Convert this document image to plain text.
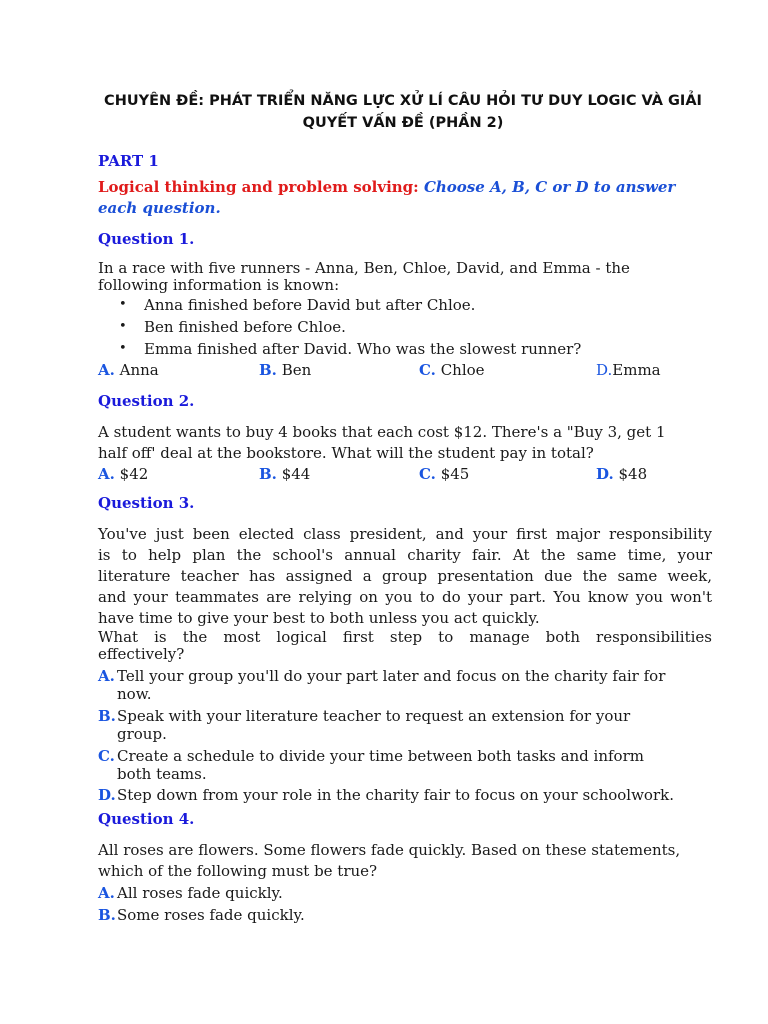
CHUYÊN ĐỀ: PHÁT TRIỂN NĂNG LỰC XỬ LÍ CÂU HỎI TƯ DUY LOGIC VÀ GIẢI
QUYẾT VẤN ĐỀ (PHẦN 2)
PART 1
Logical thinking and problem solving: Choose A, B, C or D to answer
each question.
Question 1.
In a race with five runners - Anna, Ben, Chloe, David, and Emma - the
following information is known:
• Anna finished before David but after Chloe.
• Ben finished before Chloe.
• Emma finished after David. Who was the slowest runner?
A. Anna	B. Ben	C. Chloe	D.Emma
Question 2.
A student wants to buy 4 books that each cost $12. There's a "Buy 3, get 1
half off' deal at the bookstore. What will the student pay in total?
A. $42	B. $44	C. $45	D. $48
Question 3.
You've just been elected class president, and your first major responsibility
is to help plan the school's annual charity fair. At the same time, your
literature teacher has assigned a group presentation due the same week,
and your teammates are relying on you to do your part. You know you won't
have time to give your best to both unless you act quickly.
What is the most logical first step to manage both responsibilities
effectively?
A. Tell your group you'll do your part later and focus on the charity fair for
now.
B. Speak with your literature teacher to request an extension for your
group.
C. Create a schedule to divide your time between both tasks and inform
both teams.
D. Step down from your role in the charity fair to focus on your schoolwork.
Question 4.
All roses are flowers. Some flowers fade quickly. Based on these statements,
which of the following must be true?
A. All roses fade quickly.
B. Some roses fade quickly.
